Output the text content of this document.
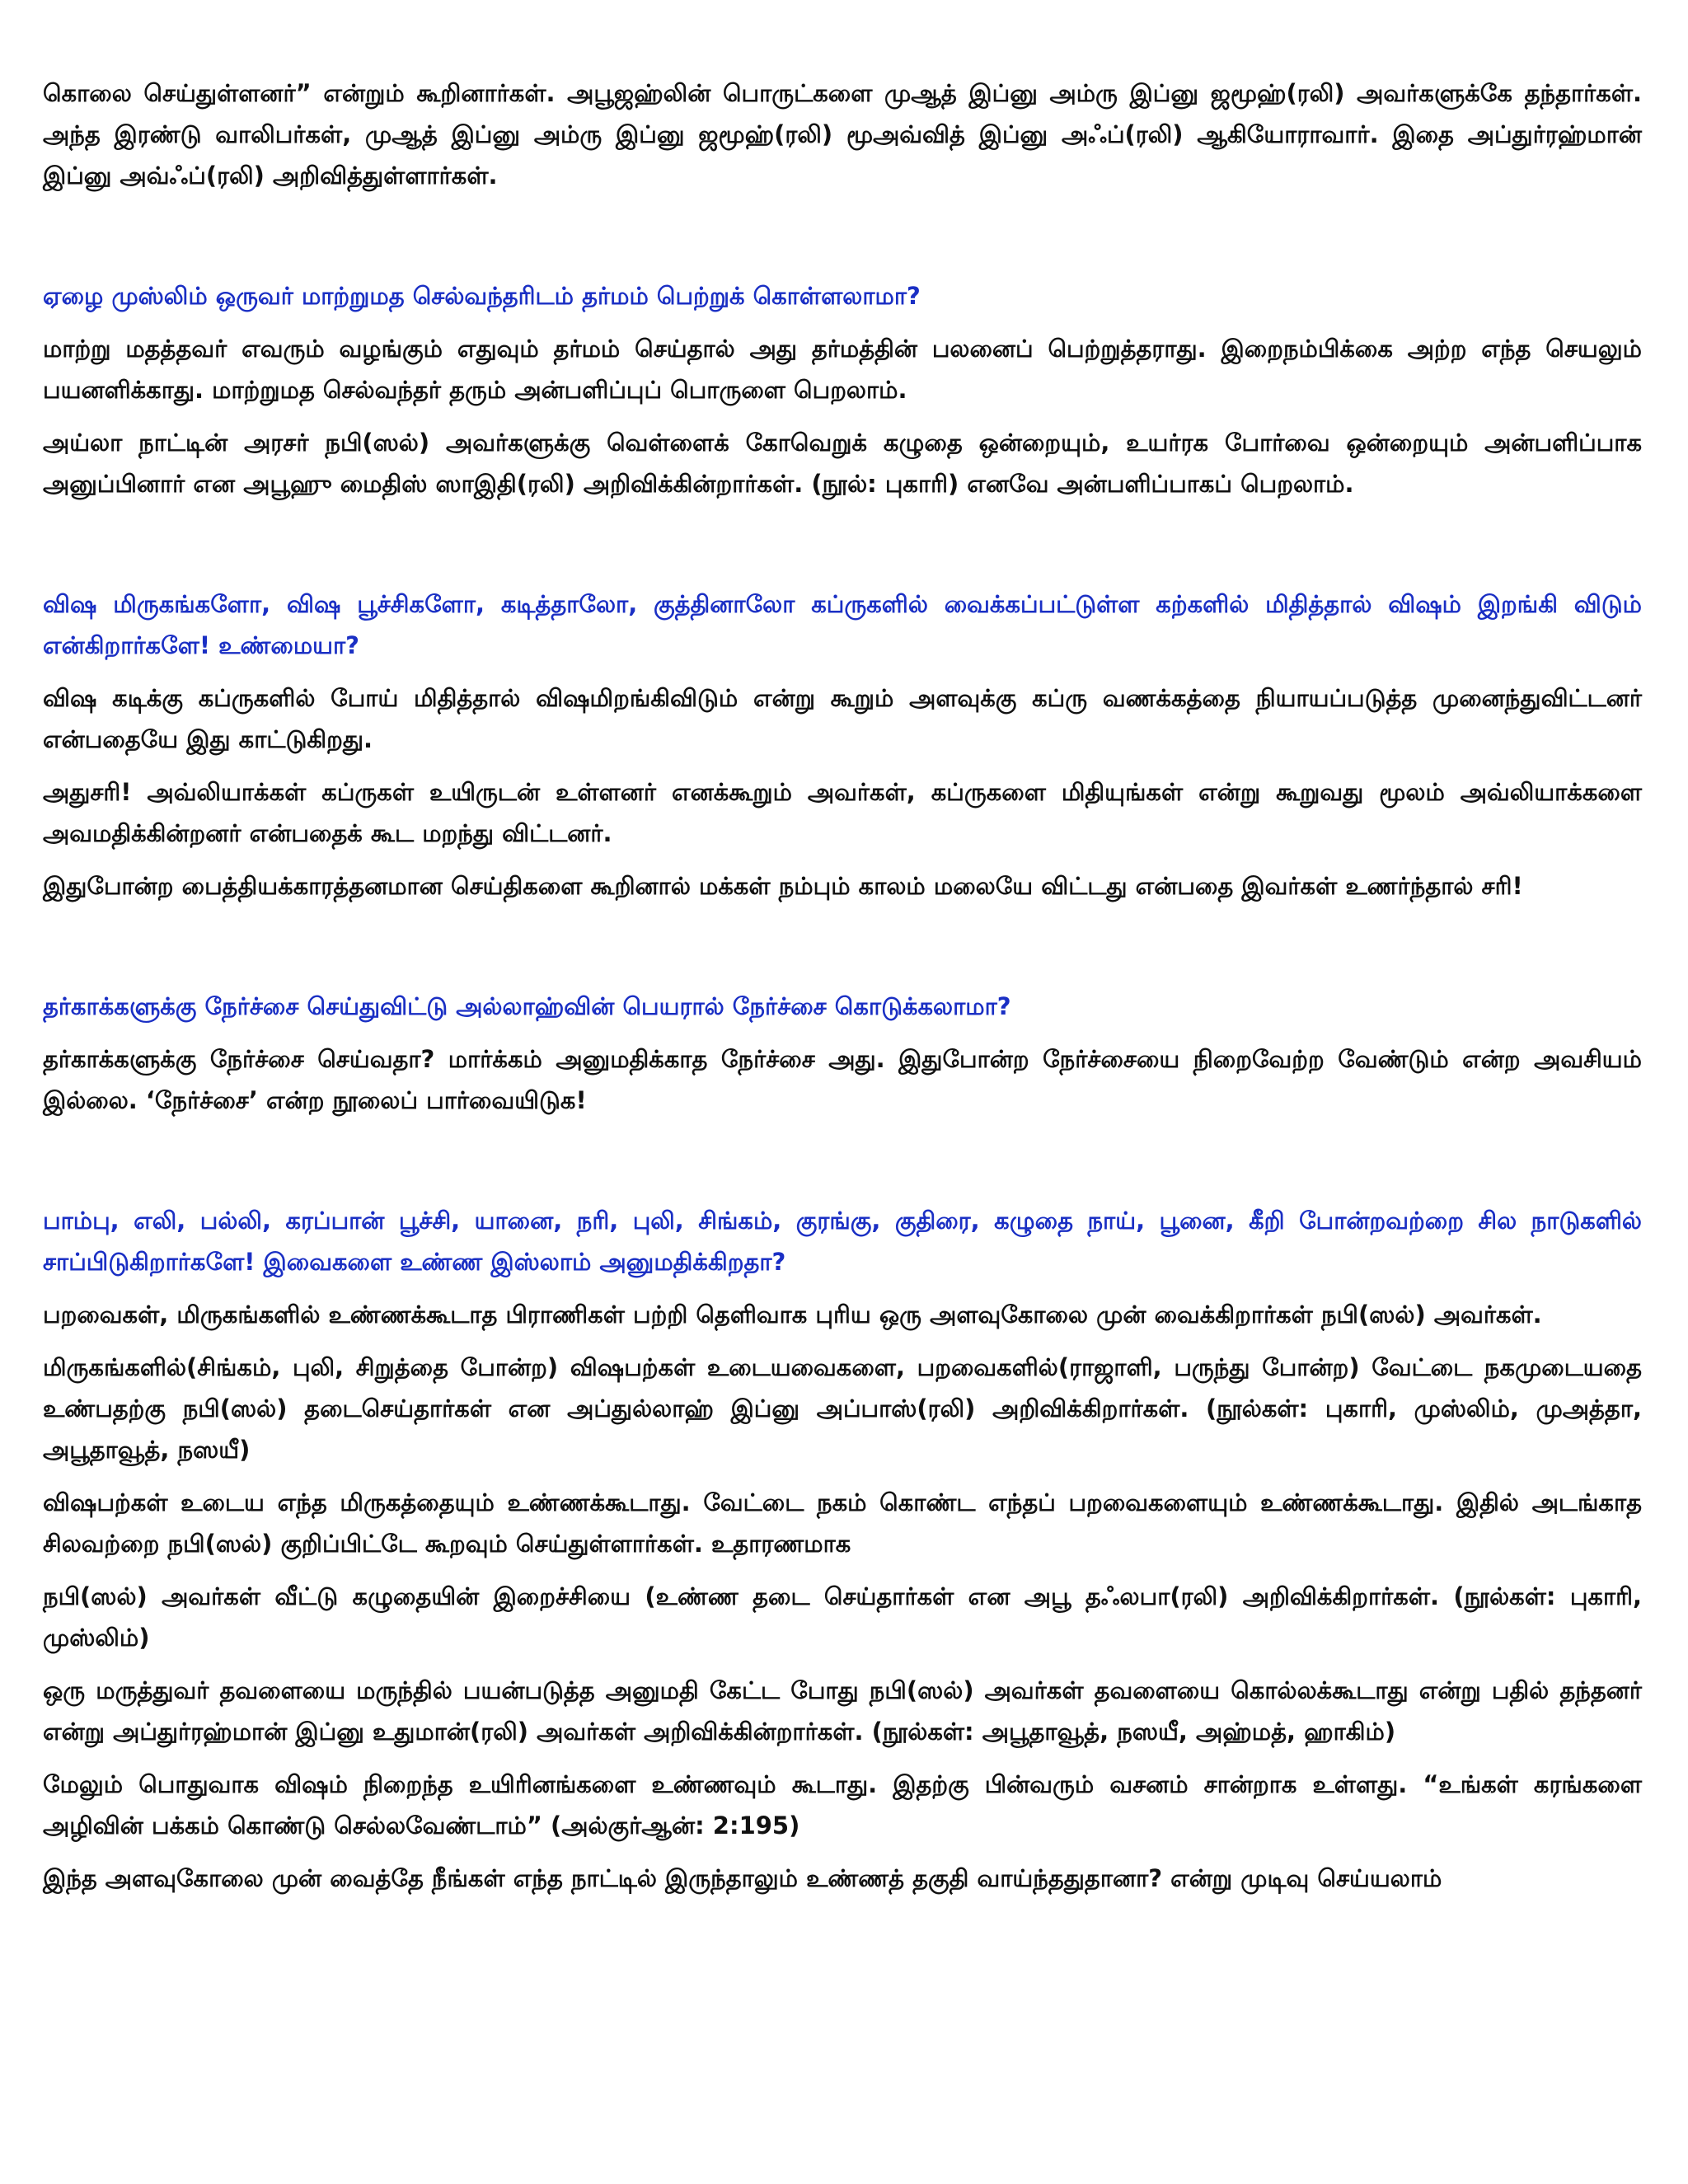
கொலை செய்துள்ளனர்” என்றும் கூறினார்கள். அபூஜஹ்லின் பொருட்களை முஆத் இப்னு அம்ரு இப்னு ஜமூஹ்(ரலி) அவர்களுக்கே தந்தார்கள். அந்த இரண்டு வாலிபர்கள், முஆத் இப்னு அம்ரு இப்னு ஜமூஹ்(ரலி) மூஅவ்வித் இப்னு அஃப்(ரலி) ஆகியோராவார். இதை அப்துர்ரஹ்மான் இப்னு அவ்ஃப்(ரலி) அறிவித்துள்ளார்கள்.

ஏழை முஸ்லிம் ஒருவர் மாற்றுமத செல்வந்தரிடம் தர்மம் பெற்றுக் கொள்ளலாமா?

மாற்று மதத்தவர் எவரும் வழங்கும் எதுவும் தர்மம் செய்தால் அது தர்மத்தின் பலனைப் பெற்றுத்தராது. இறைநம்பிக்கை அற்ற எந்த செயலும் பயனளிக்காது. மாற்றுமத செல்வந்தர் தரும் அன்பளிப்புப் பொருளை பெறலாம்.

அய்லா நாட்டின் அரசர் நபி(ஸல்) அவர்களுக்கு வெள்ளைக் கோவெறுக் கழுதை ஒன்றையும், உயர்ரக போர்வை ஒன்றையும் அன்பளிப்பாக அனுப்பினார் என அபூஹு மைதிஸ் ஸாஇதி(ரலி) அறிவிக்கின்றார்கள். (நூல்: புகாரி) எனவே அன்பளிப்பாகப் பெறலாம்.

விஷ மிருகங்களோ, விஷ பூச்சிகளோ, கடித்தாலோ, குத்தினாலோ கப்ருகளில் வைக்கப்பட்டுள்ள கற்களில் மிதித்தால் விஷம் இறங்கி விடும் என்கிறார்களே! உண்மையா?

விஷ கடிக்கு கப்ருகளில் போய் மிதித்தால் விஷமிறங்கிவிடும் என்று கூறும் அளவுக்கு கப்ரு வணக்கத்தை நியாயப்படுத்த முனைந்துவிட்டனர் என்பதையே இது காட்டுகிறது.

அதுசரி! அவ்லியாக்கள் கப்ருகள் உயிருடன் உள்ளனர் எனக்கூறும் அவர்கள், கப்ருகளை மிதியுங்கள் என்று கூறுவது மூலம் அவ்லியாக்களை அவமதிக்கின்றனர் என்பதைக் கூட மறந்து விட்டனர்.

இதுபோன்ற பைத்தியக்காரத்தனமான செய்திகளை கூறினால் மக்கள் நம்பும் காலம் மலையே விட்டது என்பதை இவர்கள் உணர்ந்தால் சரி!

தர்காக்களுக்கு நேர்ச்சை செய்துவிட்டு அல்லாஹ்வின் பெயரால் நேர்ச்சை கொடுக்கலாமா?

தர்காக்களுக்கு நேர்ச்சை செய்வதா? மார்க்கம் அனுமதிக்காத நேர்ச்சை அது. இதுபோன்ற நேர்ச்சையை நிறைவேற்ற வேண்டும் என்ற அவசியம் இல்லை. ‘நேர்ச்சை’ என்ற நூலைப் பார்வையிடுக!

பாம்பு, எலி, பல்லி, கரப்பான் பூச்சி, யானை, நரி, புலி, சிங்கம், குரங்கு, குதிரை, கழுதை நாய், பூனை, கீறி போன்றவற்றை சில நாடுகளில் சாப்பிடுகிறார்களே! இவைகளை உண்ண இஸ்லாம் அனுமதிக்கிறதா?

பறவைகள், மிருகங்களில் உண்ணக்கூடாத பிராணிகள் பற்றி தெளிவாக புரிய ஒரு அளவுகோலை முன் வைக்கிறார்கள் நபி(ஸல்) அவர்கள்.

மிருகங்களில்(சிங்கம், புலி, சிறுத்தை போன்ற) விஷபற்கள் உடையவைகளை, பறவைகளில்(ராஜாளி, பருந்து போன்ற) வேட்டை நகமுடையதை உண்பதற்கு நபி(ஸல்) தடைசெய்தார்கள் என அப்துல்லாஹ் இப்னு அப்பாஸ்(ரலி) அறிவிக்கிறார்கள். (நூல்கள்: புகாரி, முஸ்லிம், முஅத்தா, அபூதாவூத், நஸயீ)

விஷபற்கள் உடைய எந்த மிருகத்தையும் உண்ணக்கூடாது. வேட்டை நகம் கொண்ட எந்தப் பறவைகளையும் உண்ணக்கூடாது. இதில் அடங்காத சிலவற்றை நபி(ஸல்) குறிப்பிட்டே கூறவும் செய்துள்ளார்கள். உதாரணமாக

நபி(ஸல்) அவர்கள் வீட்டு கழுதையின் இறைச்சியை (உண்ண தடை செய்தார்கள் என அபூ தஃலபா(ரலி) அறிவிக்கிறார்கள். (நூல்கள்: புகாரி, முஸ்லிம்)

ஒரு மருத்துவர் தவளையை மருந்தில் பயன்படுத்த அனுமதி கேட்ட போது நபி(ஸல்) அவர்கள் தவளையை கொல்லக்கூடாது என்று பதில் தந்தனர் என்று அப்துர்ரஹ்மான் இப்னு உதுமான்(ரலி) அவர்கள் அறிவிக்கின்றார்கள். (நூல்கள்: அபூதாவூத், நஸயீ, அஹ்மத், ஹாகிம்)

மேலும் பொதுவாக விஷம் நிறைந்த உயிரினங்களை உண்ணவும் கூடாது. இதற்கு பின்வரும் வசனம் சான்றாக உள்ளது. “உங்கள் கரங்களை அழிவின் பக்கம் கொண்டு செல்லவேண்டாம்” (அல்குர்ஆன்: 2:195)

இந்த அளவுகோலை முன் வைத்தே நீங்கள் எந்த நாட்டில் இருந்தாலும் உண்ணத் தகுதி வாய்ந்ததுதானா? என்று முடிவு செய்யலாம்
